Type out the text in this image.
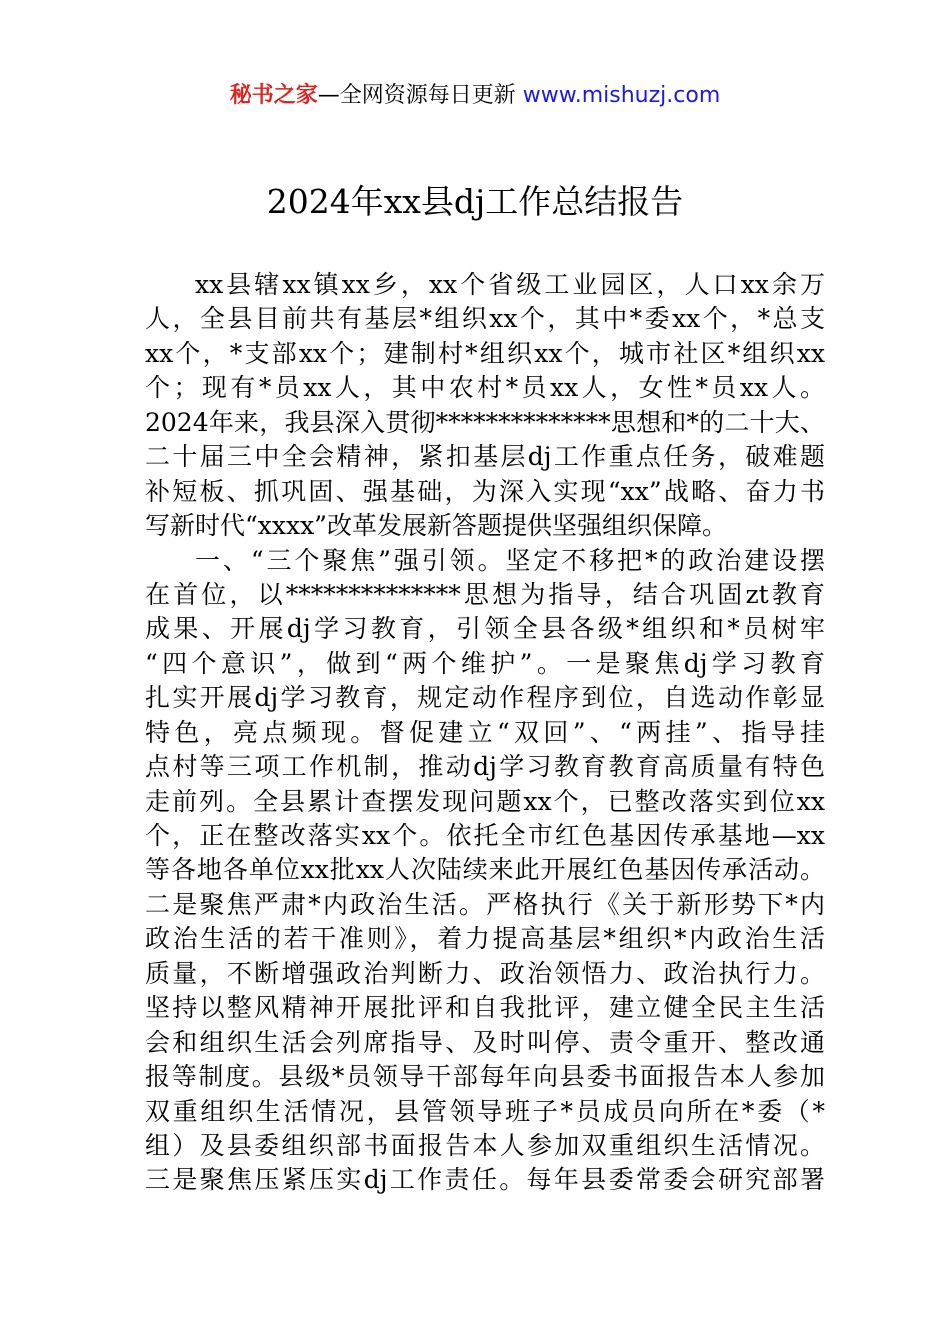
秘书之家—全网资源每日更新 www.mishuzj.com
2024年xx县dj工作总结报告
xx县辖xx镇xx乡，xx个省级工业园区，人口xx余万
人，全县目前共有基层*组织xx个，其中*委xx个，*总支
xx个，*支部xx个；建制村*组织xx个，城市社区*组织xx
个；现有*员xx人，其中农村*员xx人，女性*员xx人。
2024年来，我县深入贯彻**************思想和*的二十大、
二十届三中全会精神，紧扣基层dj工作重点任务，破难题
补短板、抓巩固、强基础，为深入实现“xx”战略、奋力书
写新时代“xxxx”改革发展新答题提供坚强组织保障。
一、“三个聚焦”强引领。坚定不移把*的政治建设摆
在首位，以**************思想为指导，结合巩固zt教育
成果、开展dj学习教育，引领全县各级*组织和*员树牢
“四个意识”，做到“两个维护”。一是聚焦dj学习教育
扎实开展dj学习教育，规定动作程序到位，自选动作彰显
特色，亮点频现。督促建立“双回”、“两挂”、指导挂
点村等三项工作机制，推动dj学习教育教育高质量有特色
走前列。全县累计查摆发现问题xx个，已整改落实到位xx
个，正在整改落实xx个。依托全市红色基因传承基地—xx
等各地各单位xx批xx人次陆续来此开展红色基因传承活动。
二是聚焦严肃*内政治生活。严格执行《关于新形势下*内
政治生活的若干准则》，着力提高基层*组织*内政治生活
质量，不断增强政治判断力、政治领悟力、政治执行力。
坚持以整风精神开展批评和自我批评，建立健全民主生活
会和组织生活会列席指导、及时叫停、责令重开、整改通
报等制度。县级*员领导干部每年向县委书面报告本人参加
双重组织生活情况，县管领导班子*员成员向所在*委（*
组）及县委组织部书面报告本人参加双重组织生活情况。
三是聚焦压紧压实dj工作责任。每年县委常委会研究部署
